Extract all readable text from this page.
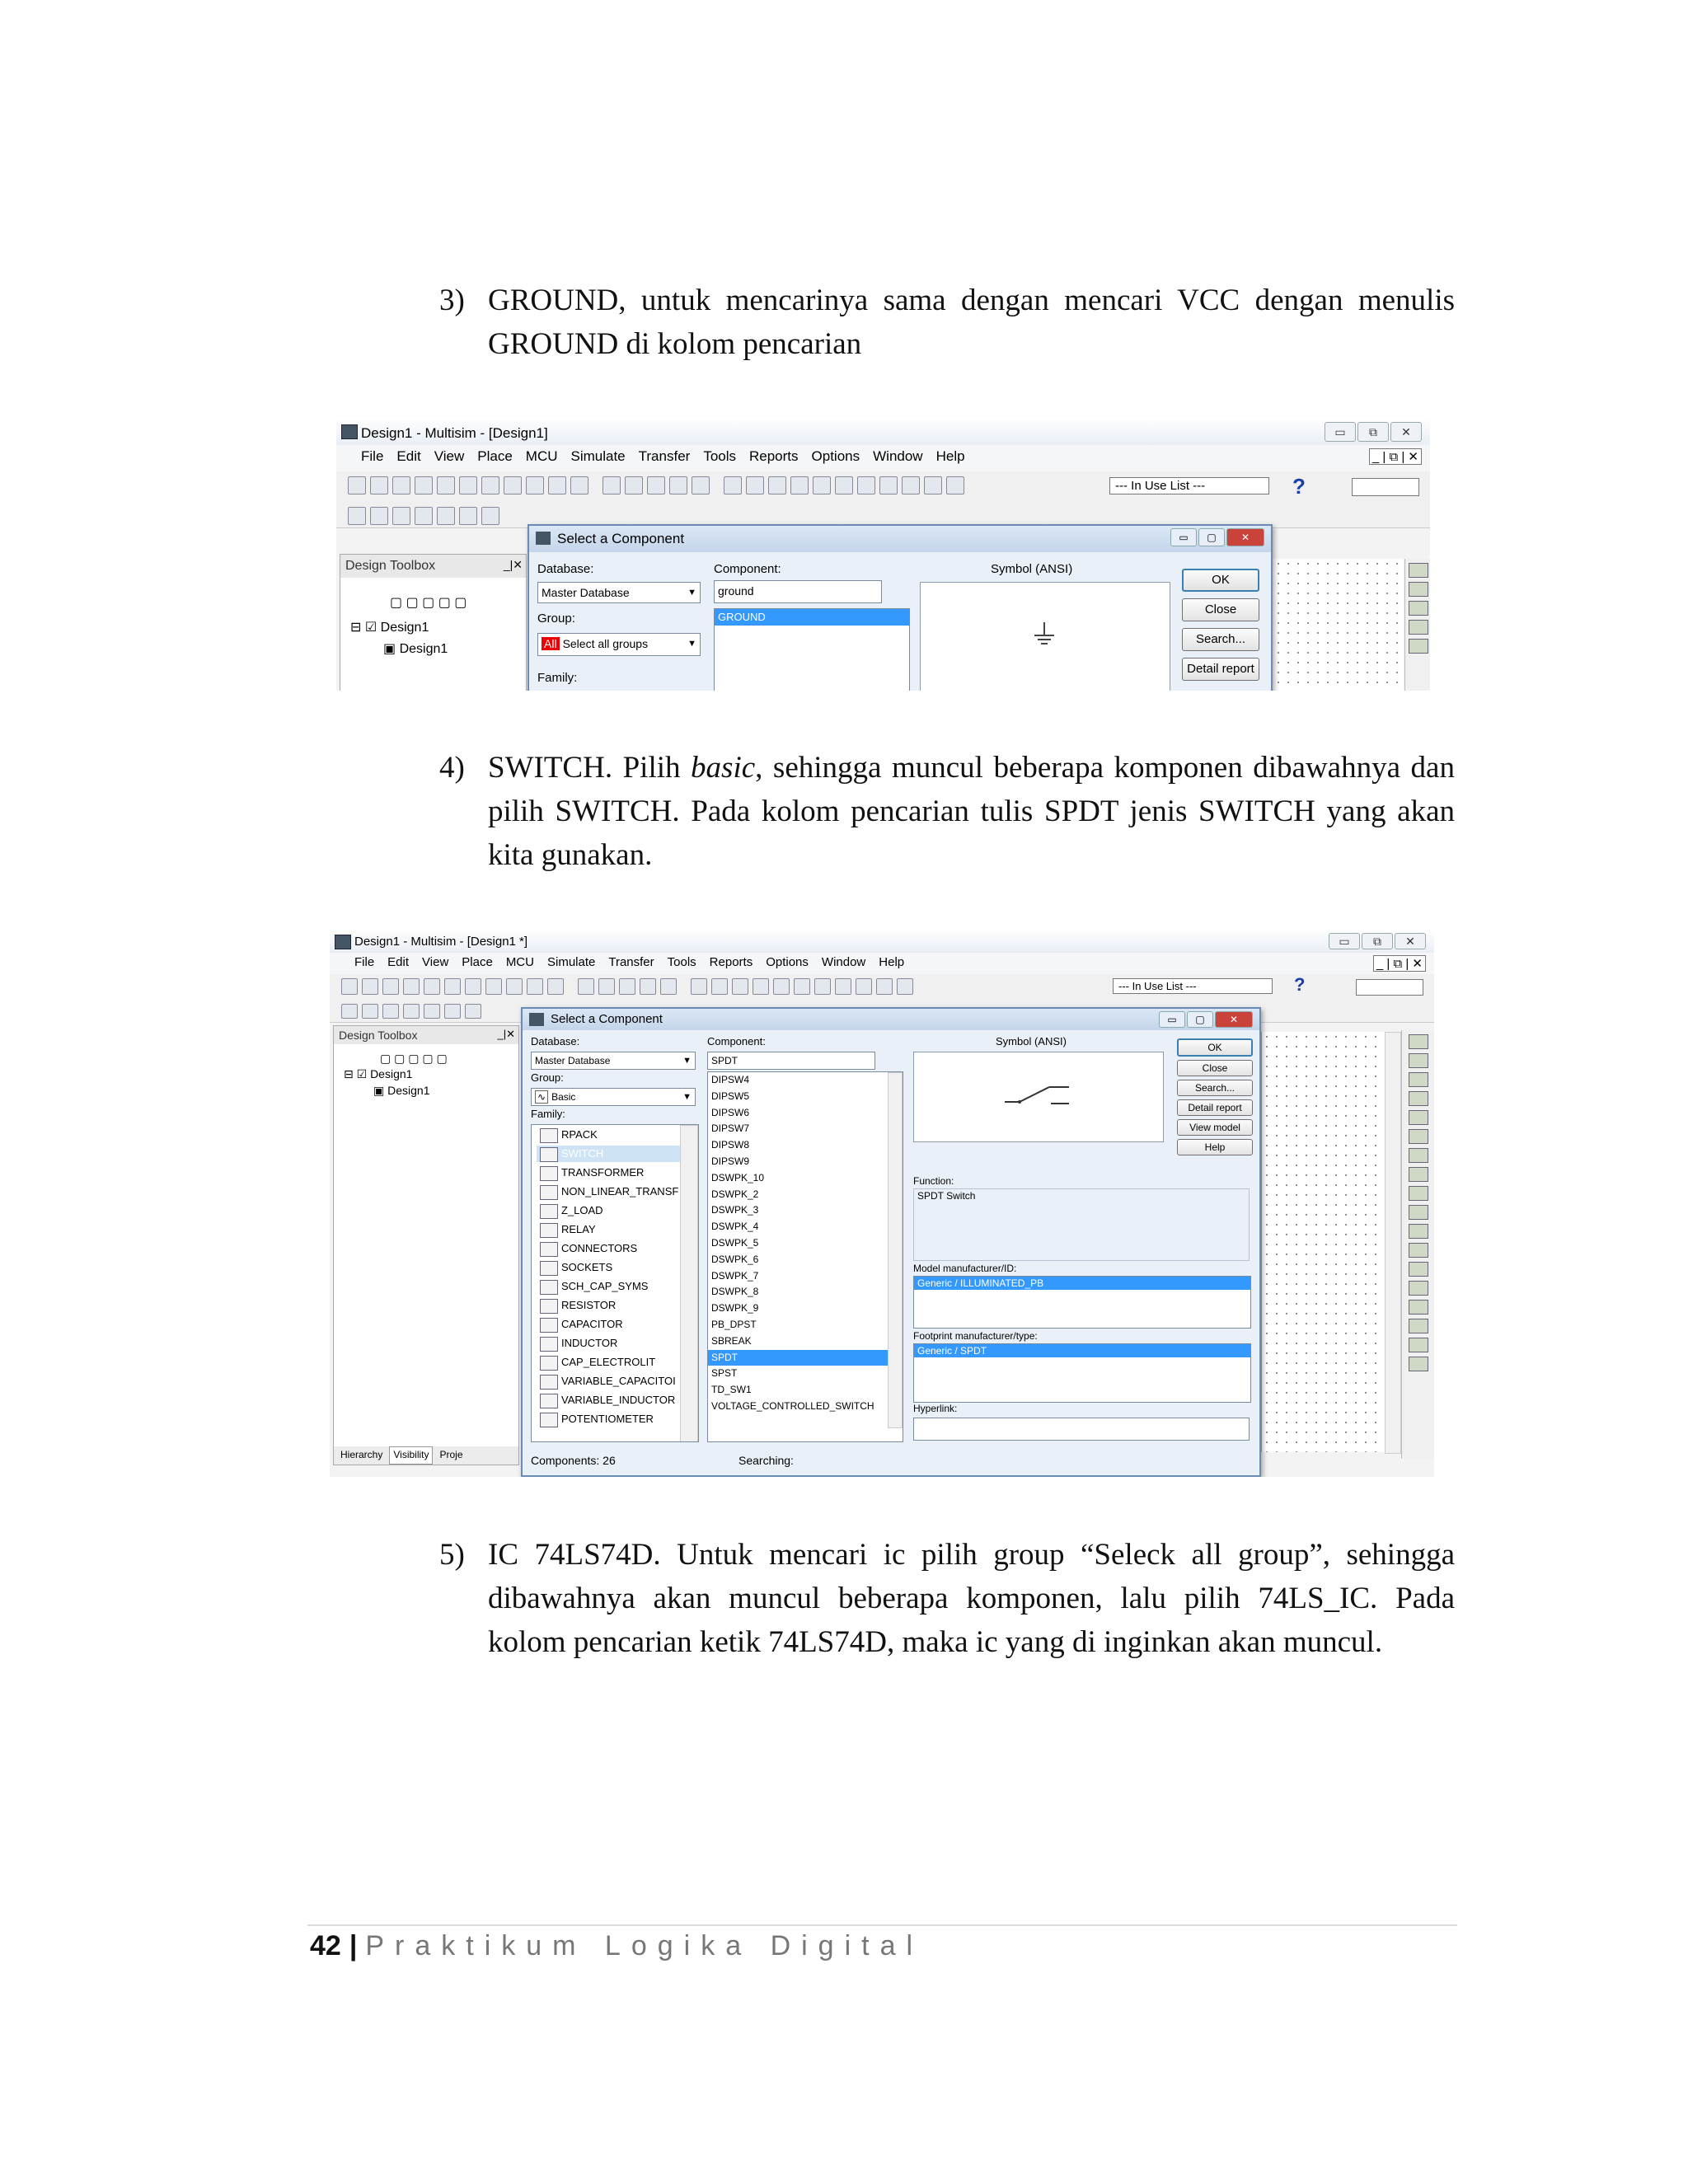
3) GROUND, untuk mencarinya sama dengan mencari VCC dengan menulis GROUND di kolom pencarian
Design1 - Multisim - [Design1]	▭	⧉	✕
File Edit View Place MCU Simulate Transfer Tools Reports Options Window Help	_ | ⧉ | ✕
--- In Use List ---	?
Design Toolbox	_|✕
▢ ▢ ▢ ▢ ▢
⊟ ☑ Design1
▣ Design1
Select a Component	▭	▢	✕
Database:
Master Database	▼
Group:
All Select all groups	▼
Family:
Component:
ground
GROUND
Symbol (ANSI)
OK
Close
Search...
Detail report
4) SWITCH. Pilih basic, sehingga muncul beberapa komponen dibawahnya dan pilih SWITCH. Pada kolom pencarian tulis SPDT jenis SWITCH yang akan kita gunakan.
Design1 - Multisim - [Design1 *]	▭	⧉	✕
File Edit View Place MCU Simulate Transfer Tools Reports Options Window Help	_ | ⧉ | ✕
--- In Use List ---	?
Design Toolbox	_|✕
▢ ▢ ▢ ▢ ▢
⊟ ☑ Design1
▣ Design1
Hierarchy	Visibility	Proje
Select a Component	▭	▢	✕
Database:
Master Database	▼
Group:
∿ Basic	▼
Family:
RPACK
SWITCH
TRANSFORMER
NON_LINEAR_TRANSF
Z_LOAD
RELAY
CONNECTORS
SOCKETS
SCH_CAP_SYMS
RESISTOR
CAPACITOR
INDUCTOR
CAP_ELECTROLIT
VARIABLE_CAPACITOI
VARIABLE_INDUCTOR
POTENTIOMETER
Component:
SPDT
DIPSW4
DIPSW5
DIPSW6
DIPSW7
DIPSW8
DIPSW9
DSWPK_10
DSWPK_2
DSWPK_3
DSWPK_4
DSWPK_5
DSWPK_6
DSWPK_7
DSWPK_8
DSWPK_9
PB_DPST
SBREAK
SPDT
SPST
TD_SW1
VOLTAGE_CONTROLLED_SWITCH
Symbol (ANSI)
Function:
SPDT Switch
Model manufacturer/ID:
Generic / ILLUMINATED_PB
Footprint manufacturer/type:
Generic / SPDT
Hyperlink:
OK
Close
Search...
Detail report
View model
Help
Components: 26	Searching:
5) IC 74LS74D. Untuk mencari ic pilih group “Seleck all group”, sehingga dibawahnya akan muncul beberapa komponen, lalu pilih 74LS_IC. Pada kolom pencarian ketik 74LS74D, maka ic yang di inginkan akan muncul.
42 | Praktikum Logika Digital
